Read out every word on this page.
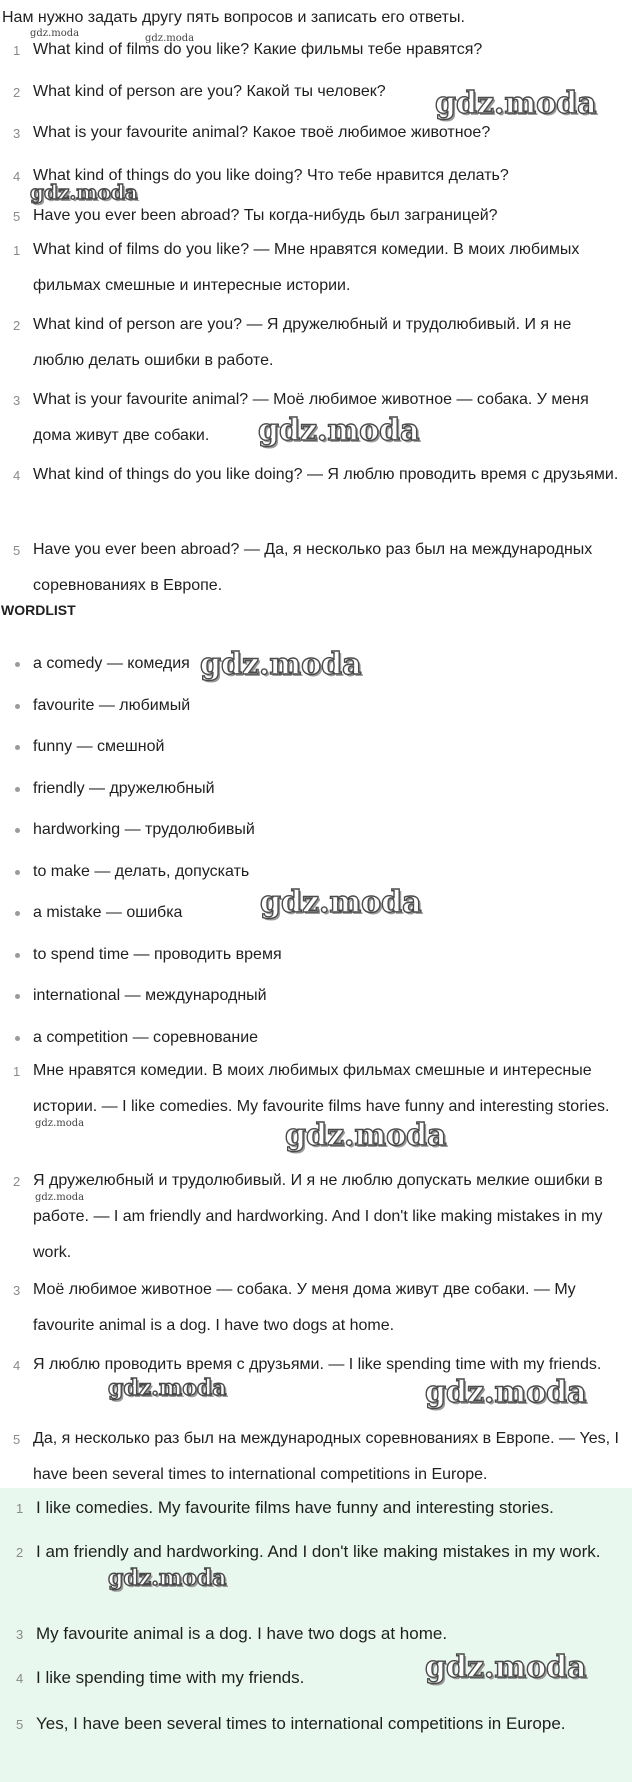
Нам нужно задать другу пять вопросов и записать его ответы.

1 What kind of films do you like? Какие фильмы тебе нравятся?

2 What kind of person are you? Какой ты человек?

3 What is your favourite animal? Какое твоё любимое животное?

4 What kind of things do you like doing? Что тебе нравится делать?

5 Have you ever been abroad? Ты когда-нибудь был заграницей?

1 What kind of films do you like? — Мне нравятся комедии. В моих любимых фильмах смешные и интересные истории.

2 What kind of person are you? — Я дружелюбный и трудолюбивый. И я не люблю делать ошибки в работе.

3 What is your favourite animal? — Моё любимое животное — собака. У меня дома живут две собаки.

4 What kind of things do you like doing? — Я люблю проводить время с друзьями.

5 Have you ever been abroad? — Да, я несколько раз был на международных соревнованиях в Европе.

WORDLIST

a comedy — комедия
favourite — любимый
funny — смешной
friendly — дружелюбный
hardworking — трудолюбивый
to make — делать, допускать
a mistake — ошибка
to spend time — проводить время
international — международный
a competition — соревнование
1 Мне нравятся комедии. В моих любимых фильмах смешные и интересные истории. — I like comedies. My favourite films have funny and interesting stories.

2 Я дружелюбный и трудолюбивый. И я не люблю допускать мелкие ошибки в работе. — I am friendly and hardworking. And I don't like making mistakes in my work.

3 Моё любимое животное — собака. У меня дома живут две собаки. — My favourite animal is a dog. I have two dogs at home.

4 Я люблю проводить время с друзьями. — I like spending time with my friends.

5 Да, я несколько раз был на международных соревнованиях в Европе. — Yes, I have been several times to international competitions in Europe.

1 I like comedies. My favourite films have funny and interesting stories.

2 I am friendly and hardworking. And I don't like making mistakes in my work.

3 My favourite animal is a dog. I have two dogs at home.

4 I like spending time with my friends.

5 Yes, I have been several times to international competitions in Europe.

gdz.moda	gdz.moda
gdz.moda
gdz.moda
gdz.moda
gdz.moda
gdz.moda
gdz.moda	gdz.moda
gdz.moda
gdz.moda	gdz.moda
gdz.moda
gdz.moda
